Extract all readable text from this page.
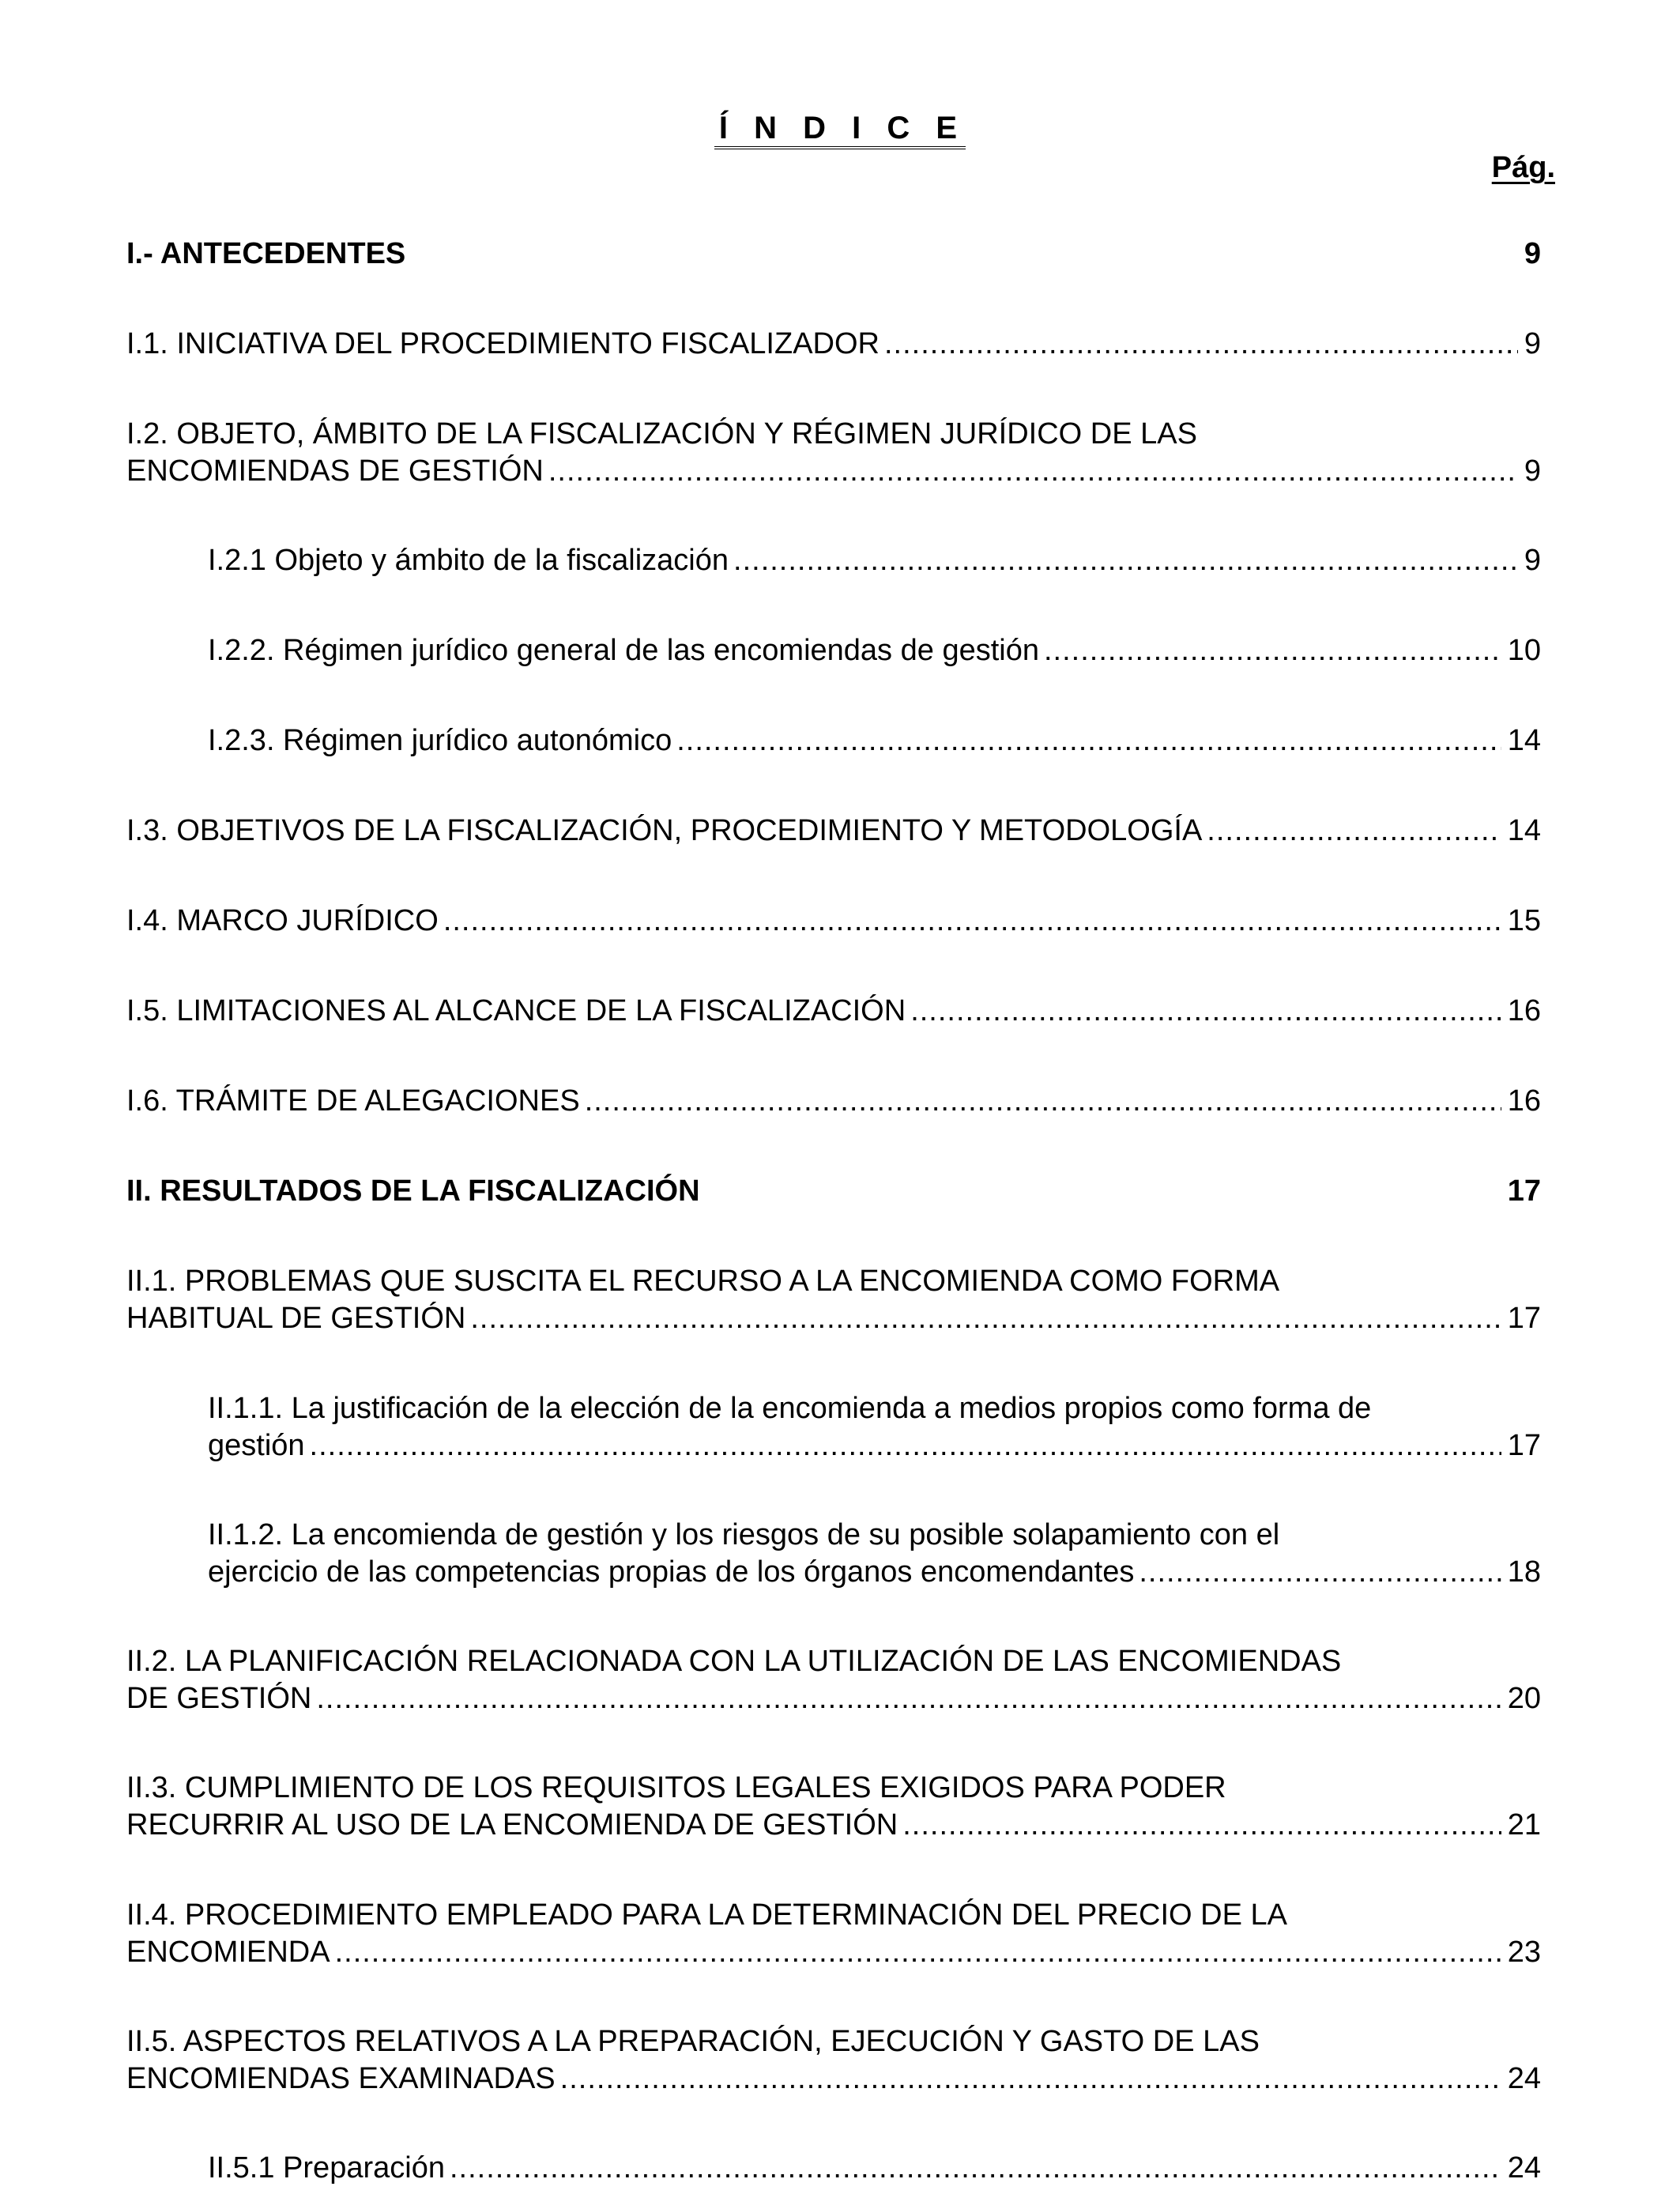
Í N D I C E
Pág.
I.- ANTECEDENTES	9
I.1. INICIATIVA DEL PROCEDIMIENTO FISCALIZADOR .....	9
I.2. OBJETO, ÁMBITO DE LA FISCALIZACIÓN Y RÉGIMEN JURÍDICO DE LAS
ENCOMIENDAS DE GESTIÓN .....	9
I.2.1 Objeto y ámbito de la fiscalización .....	9
I.2.2. Régimen jurídico general de las encomiendas de gestión .....	10
I.2.3. Régimen jurídico autonómico .....	14
I.3. OBJETIVOS DE LA FISCALIZACIÓN, PROCEDIMIENTO Y METODOLOGÍA .....	14
I.4. MARCO JURÍDICO .....	15
I.5. LIMITACIONES AL ALCANCE DE LA FISCALIZACIÓN .....	16
I.6. TRÁMITE DE ALEGACIONES .....	16
II. RESULTADOS DE LA FISCALIZACIÓN	17
II.1. PROBLEMAS QUE SUSCITA EL RECURSO A LA ENCOMIENDA COMO FORMA
HABITUAL DE GESTIÓN .....	17
II.1.1. La justificación de la elección de la encomienda a medios propios como forma de
gestión .....	17
II.1.2. La encomienda de gestión y los riesgos de su posible solapamiento con el
ejercicio de las competencias propias de los órganos encomendantes .....	18
II.2. LA PLANIFICACIÓN RELACIONADA CON LA UTILIZACIÓN DE LAS ENCOMIENDAS
DE GESTIÓN .....	20
II.3. CUMPLIMIENTO DE LOS REQUISITOS LEGALES EXIGIDOS PARA PODER
RECURRIR AL USO DE LA ENCOMIENDA DE GESTIÓN .....	21
II.4. PROCEDIMIENTO EMPLEADO PARA LA DETERMINACIÓN DEL PRECIO DE LA
ENCOMIENDA .....	23
II.5. ASPECTOS RELATIVOS A LA PREPARACIÓN, EJECUCIÓN Y GASTO DE LAS
ENCOMIENDAS EXAMINADAS .....	24
II.5.1 Preparación .....	24
